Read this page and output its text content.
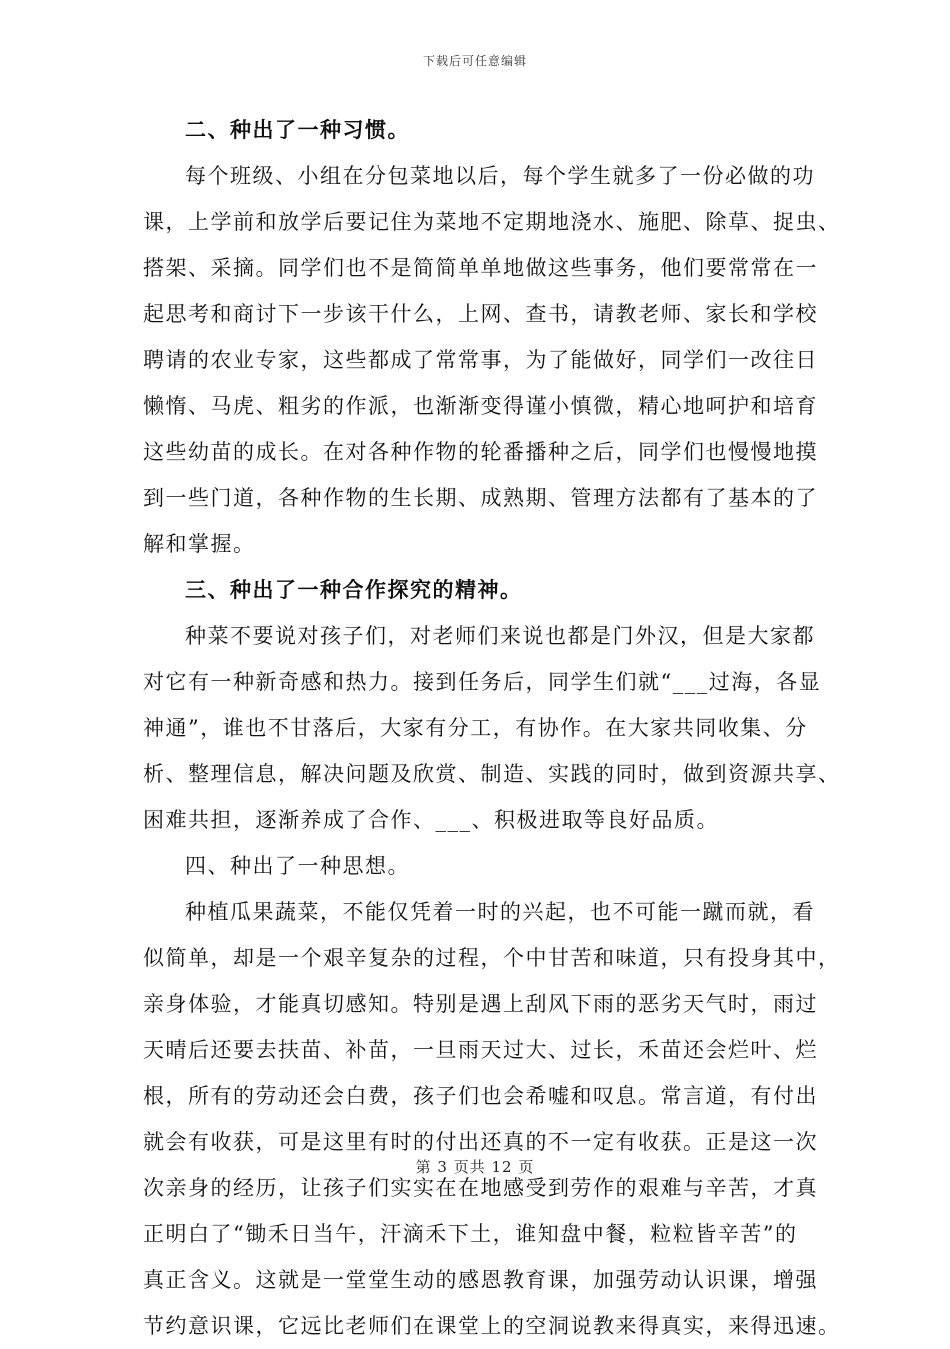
下载后可任意编辑
二、种出了一种习惯。
每个班级、小组在分包菜地以后，每个学生就多了一份必做的功
课，上学前和放学后要记住为菜地不定期地浇水、施肥、除草、捉虫、
搭架、采摘。同学们也不是简简单单地做这些事务，他们要常常在一
起思考和商讨下一步该干什么，上网、查书，请教老师、家长和学校
聘请的农业专家，这些都成了常常事，为了能做好，同学们一改往日
懒惰、马虎、粗劣的作派，也渐渐变得谨小慎微，精心地呵护和培育
这些幼苗的成长。在对各种作物的轮番播种之后，同学们也慢慢地摸
到一些门道，各种作物的生长期、成熟期、管理方法都有了基本的了
解和掌握。
三、种出了一种合作探究的精神。
种菜不要说对孩子们，对老师们来说也都是门外汉，但是大家都
对它有一种新奇感和热力。接到任务后，同学生们就“___过海，各显
神通”，谁也不甘落后，大家有分工，有协作。在大家共同收集、分
析、整理信息，解决问题及欣赏、制造、实践的同时，做到资源共享、
困难共担，逐渐养成了合作、___、积极进取等良好品质。
四、种出了一种思想。
种植瓜果蔬菜，不能仅凭着一时的兴起，也不可能一蹴而就，看
似简单，却是一个艰辛复杂的过程，个中甘苦和味道，只有投身其中，
亲身体验，才能真切感知。特别是遇上刮风下雨的恶劣天气时，雨过
天晴后还要去扶苗、补苗，一旦雨天过大、过长，禾苗还会烂叶、烂
根，所有的劳动还会白费，孩子们也会希嘘和叹息。常言道，有付出
就会有收获，可是这里有时的付出还真的不一定有收获。正是这一次
次亲身的经历，让孩子们实实在在地感受到劳作的艰难与辛苦，才真
正明白了“锄禾日当午，汗滴禾下土，谁知盘中餐，粒粒皆辛苦”的
真正含义。这就是一堂堂生动的感恩教育课，加强劳动认识课，增强
节约意识课，它远比老师们在课堂上的空洞说教来得真实，来得迅速。
第 3 页共 12 页
